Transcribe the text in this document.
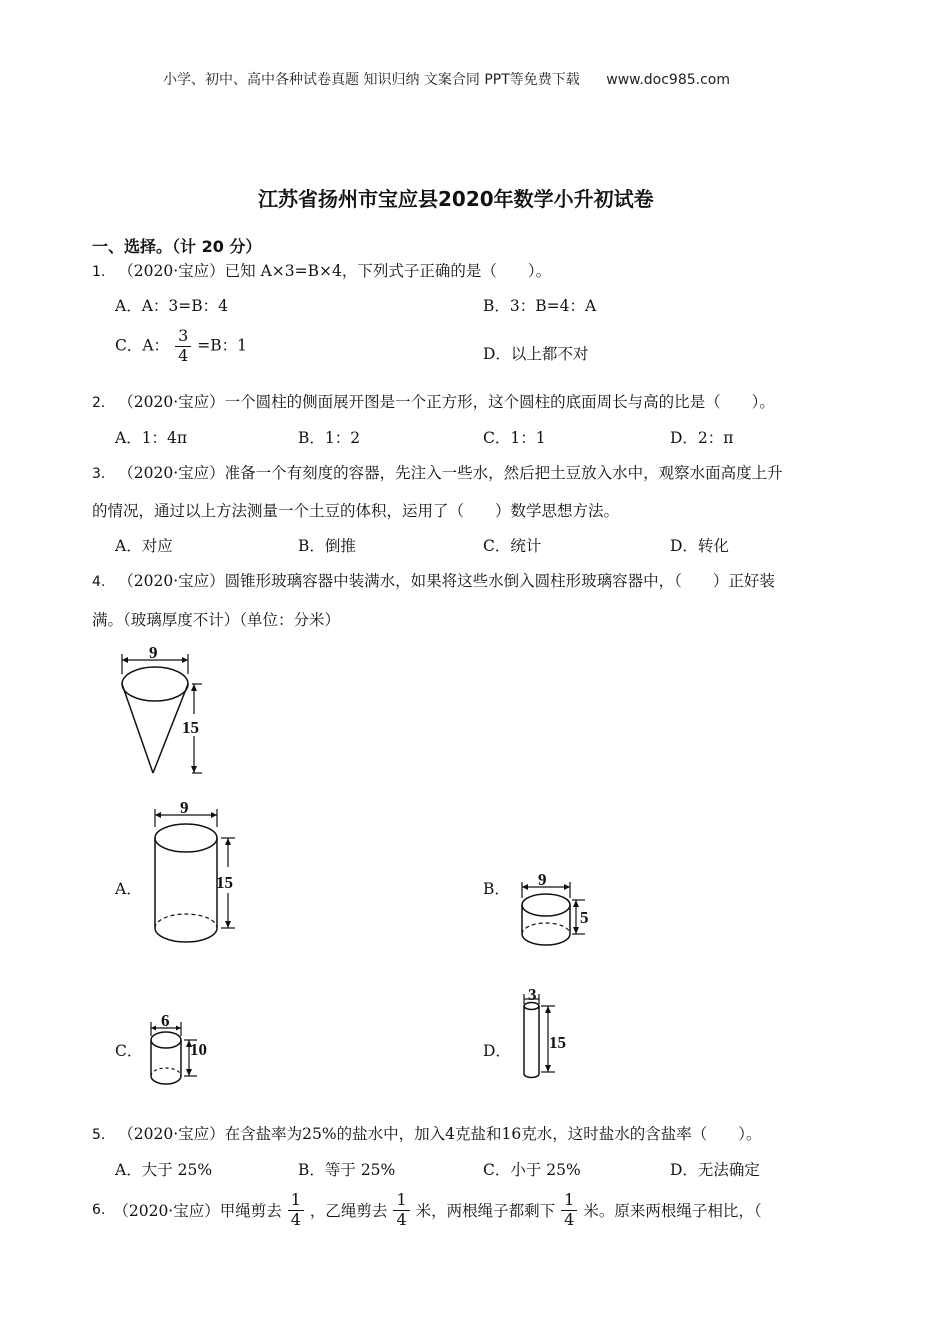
小学、初中、高中各种试卷真题 知识归纳 文案合同 PPT等免费下载 www.doc985.com
江苏省扬州市宝应县2020年数学小升初试卷
一、选择。（计 20 分）
1. （2020·宝应）已知 A×3=B×4，下列式子正确的是（　　）。
A．A：3=B：4	B．3：B=4：A
C．A： $\frac{3}{4} =B$：1	D．以上都不对
2. （2020·宝应）一个圆柱的侧面展开图是一个正方形，这个圆柱的底面周长与高的比是（　　）。
A．1：4π	B．1：2	C．1：1	D．2：π
3. （2020·宝应）准备一个有刻度的容器，先注入一些水，然后把土豆放入水中，观察水面高度上升
的情况，通过以上方法测量一个土豆的体积，运用了（　　）数学思想方法。
A．对应	B．倒推	C．统计	D．转化
4. （2020·宝应）圆锥形玻璃容器中装满水，如果将这些水倒入圆柱形玻璃容器中，（　　）正好装
满。（玻璃厚度不计）（单位：分米）
9
15
A．
9
15	B． 9
5
C．
6
10	D．
3
15
5. （2020·宝应）在含盐率为25%的盐水中，加入4克盐和16克水，这时盐水的含盐率（　　）。
A．大于 25%	B．等于 25%	C．小于 25%	D．无法确定
6. （2020·宝应）甲绳剪去 $\frac{1}{4}$ ，乙绳剪去 $\frac{1}{4}$ 米，两根绳子都剩下 $\frac{1}{4}$ 米。原来两根绳子相比，（
